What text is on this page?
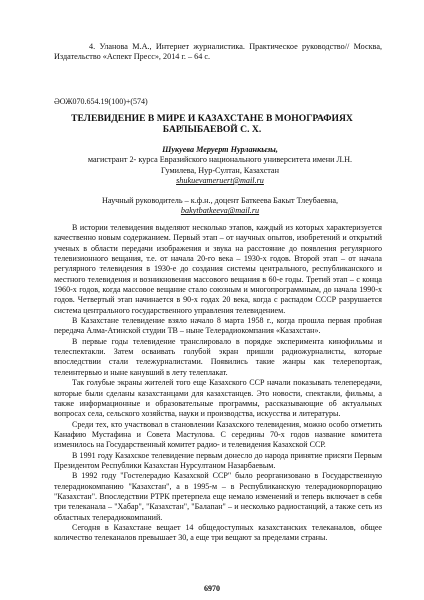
4. Уланова М.А., Интернет журналистика. Практическое руководство// Москва, Издательство «Аспект Пресс», 2014 г. – 64 с.
ӘОЖ070.654.19(100)+(574)
ТЕЛЕВИДЕНИЕ В МИРЕ И КАЗАХСТАНЕ В МОНОГРАФИЯХ
БАРЛЫБАЕВОЙ С. Х.
Шукуева Меруерт Нурланкызы,
магистрант 2- курса Евразийского национального университета имени Л.Н.
Гумилева, Нур-Султан, Казахстан
shukuevameruert@mail.ru
Научный руководитель – к.ф.н., доцент Баткеева Бакыт Тлеубаевна,
bakytbatkeeva@mail.ru

В истории телевидения выделяют несколько этапов, каждый из которых характеризуется качественно новым содержанием. Первый этап – от научных опытов, изобретений и открытий ученых в области передачи изображения и звука на расстояние до появления регулярного телевизионного вещания, т.е. от начала 20-го века – 1930-х годов. Второй этап – от начала регулярного телевидения в 1930-е до создания системы центрального, республиканского и местного телевидения и возникновения массового вещания в 60-е годы. Третий этап – с конца 1960-х годов, когда массовое вещание стало союзным и многопрограммным, до начала 1990-х годов. Четвертый этап начинается в 90-х годах 20 века, когда с распадом СССР разрушается система центрального государственного управления телевидением.

В Казахстане телевидение взяло начало 8 марта 1958 г., когда прошла первая пробная передача Алма-Атинской студии ТВ – ныне Телерадиокомпания «Казахстан».

В первые годы телевидение транслировало в порядке эксперимента кинофильмы и телеспектакли. Затем осваивать голубой экран пришли радиожурналисты, которые впоследствии стали тележурналистами. Появились такие жанры как телерепортаж, телеинтервью и ныне канувший в лету телеплакат.

Так голубые экраны жителей того еще Казахского ССР начали показывать телепередачи, которые были сделаны казахстанцами для казахстанцев. Это новости, спектакли, фильмы, а также информационные и образовательные программы, рассказывающие об актуальных вопросах села, сельского хозяйства, науки и производства, искусства и литературы.

Среди тех, кто участвовал в становлении Казахского телевидения, можно особо отметить Канафию Мустафина и Совета Мастулова. С середины 70-х годов название комитета изменилось на Государственный комитет радио- и телевидения Казахской ССР.

В 1991 году Казахское телевидение первым донесло до народа принятие присяги Первым Президентом Республики Казахстан Нурсултаном Назарбаевым.

В 1992 году "Гостелерадио Казахской ССР" было реорганизовано в Государственную телерадиокомпанию "Казахстан", а в 1995-м – в Республиканскую телерадиокорпорацию "Казахстан". Впоследствии РТРК претерпела еще немало изменений и теперь включает в себя три телеканала – "Хабар", "Казахстан", "Балапан" – и несколько радиостанций, а также сеть из областных телерадиокомпаний.

Сегодня в Казахстане вещает 14 общедоступных казахстанских телеканалов, общее количество телеканалов превышает 30, а еще три вещают за пределами страны.

6970
